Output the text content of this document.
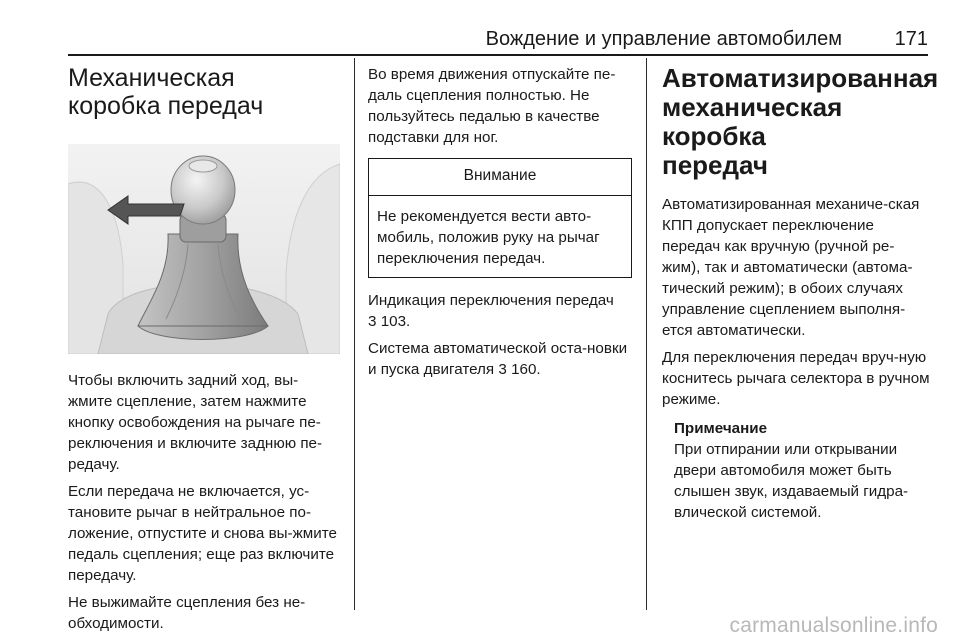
Вождение и управление автомобилем	171
Механическая
коробка передач

Чтобы включить задний ход, вы-жмите сцепление, затем нажмите кнопку освобождения на рычаге пе-реключения и включите заднюю пе-редачу.

Если передача не включается, ус-тановите рычаг в нейтральное по-ложение, отпустите и снова вы-жмите педаль сцепления; еще раз включите передачу.

Не выжимайте сцепления без не-обходимости.

Во время движения отпускайте пе-даль сцепления полностью. Не пользуйтесь педалью в качестве подставки для ног.

Внимание
Не рекомендуется вести авто-мобиль, положив руку на рычаг переключения передач.

Индикация переключения передач
3 103.

Система автоматической оста-новки и пуска двигателя 3 160.

Автоматизированная
механическая коробка
передач

Автоматизированная механиче-ская КПП допускает переключение передач как вручную (ручной ре-жим), так и автоматически (автома-тический режим); в обоих случаях управление сцеплением выполня-ется автоматически.

Для переключения передач вруч-ную коснитесь рычага селектора в ручном режиме.

Примечание

При отпирании или открывании двери автомобиля может быть слышен звук, издаваемый гидра-влической системой.

carmanualsonline.info
